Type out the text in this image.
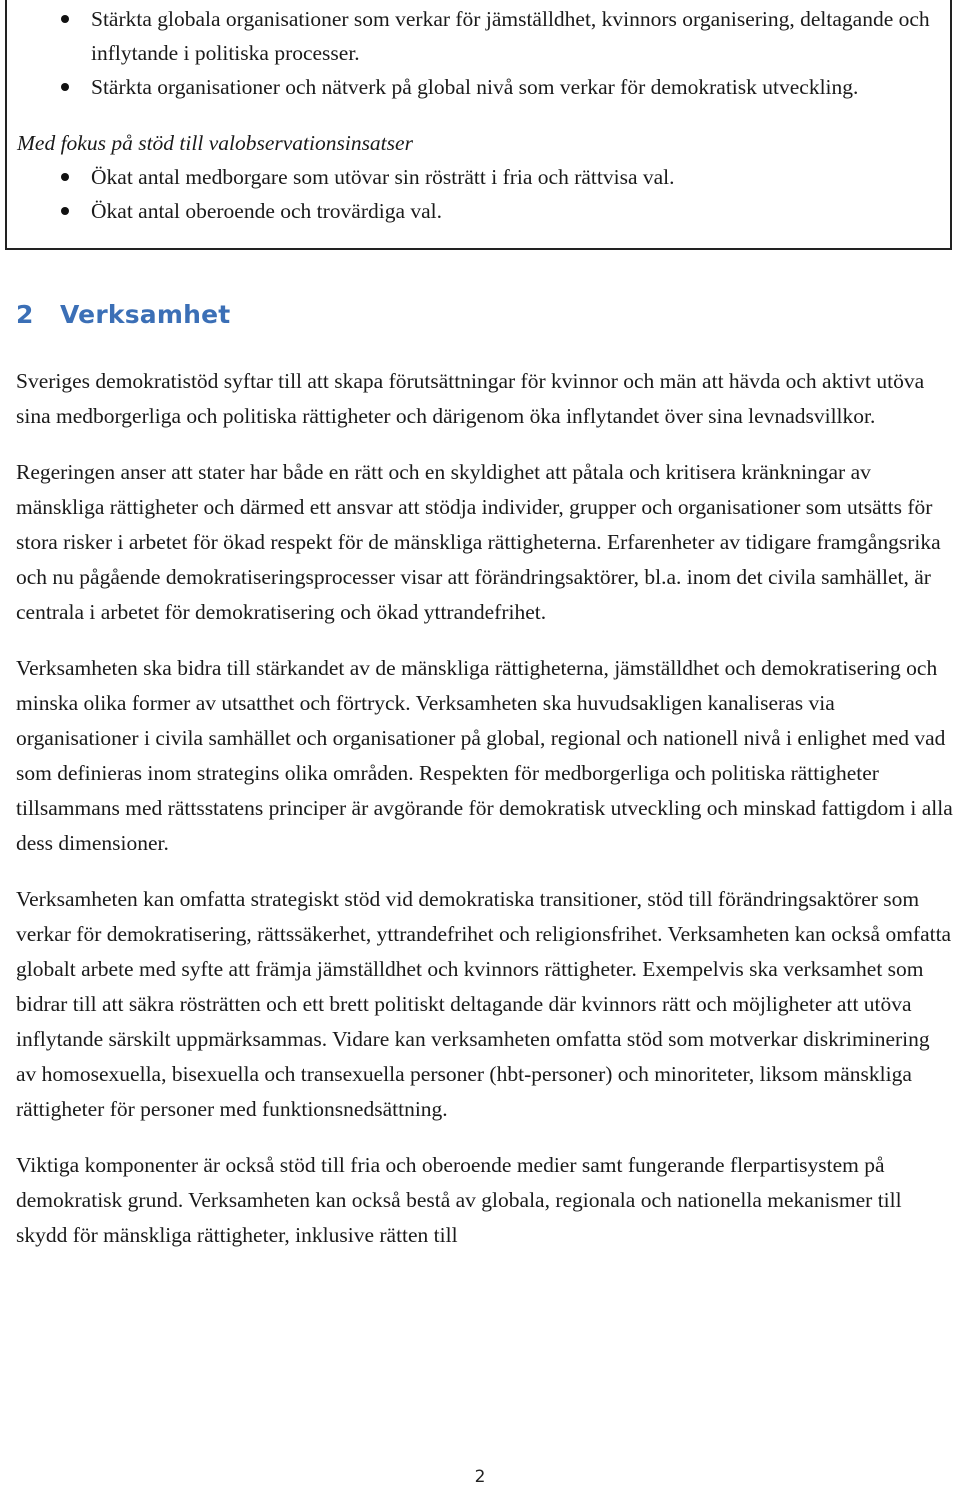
Stärkta globala organisationer som verkar för jämställdhet, kvinnors organisering, deltagande och inflytande i politiska processer.
Stärkta organisationer och nätverk på global nivå som verkar för demokratisk utveckling.
Med fokus på stöd till valobservationsinsatser
Ökat antal medborgare som utövar sin rösträtt i fria och rättvisa val.
Ökat antal oberoende och trovärdiga val.
2 Verksamhet

Sveriges demokratistöd syftar till att skapa förutsättningar för kvinnor och män att hävda och aktivt utöva sina medborgerliga och politiska rättigheter och därigenom öka inflytandet över sina levnadsvillkor.

Regeringen anser att stater har både en rätt och en skyldighet att påtala och kritisera kränkningar av mänskliga rättigheter och därmed ett ansvar att stödja individer, grupper och organisationer som utsätts för stora risker i arbetet för ökad respekt för de mänskliga rättigheterna. Erfarenheter av tidigare framgångsrika och nu pågående demokratiseringsprocesser visar att förändringsaktörer, bl.a. inom det civila samhället, är centrala i arbetet för demokratisering och ökad yttrandefrihet.

Verksamheten ska bidra till stärkandet av de mänskliga rättigheterna, jämställdhet och demokratisering och minska olika former av utsatthet och förtryck. Verksamheten ska huvudsakligen kanaliseras via organisationer i civila samhället och organisationer på global, regional och nationell nivå i enlighet med vad som definieras inom strategins olika områden. Respekten för medborgerliga och politiska rättigheter tillsammans med rättsstatens principer är avgörande för demokratisk utveckling och minskad fattigdom i alla dess dimensioner.

Verksamheten kan omfatta strategiskt stöd vid demokratiska transitioner, stöd till förändringsaktörer som verkar för demokratisering, rättssäkerhet, yttrandefrihet och religionsfrihet. Verksamheten kan också omfatta globalt arbete med syfte att främja jämställdhet och kvinnors rättigheter. Exempelvis ska verksamhet som bidrar till att säkra rösträtten och ett brett politiskt deltagande där kvinnors rätt och möjligheter att utöva inflytande särskilt uppmärksammas. Vidare kan verksamheten omfatta stöd som motverkar diskriminering av homosexuella, bisexuella och transexuella personer (hbt-personer) och minoriteter, liksom mänskliga rättigheter för personer med funktionsnedsättning.

Viktiga komponenter är också stöd till fria och oberoende medier samt fungerande flerpartisystem på demokratisk grund. Verksamheten kan också bestå av globala, regionala och nationella mekanismer till skydd för mänskliga rättigheter, inklusive rätten till

2
